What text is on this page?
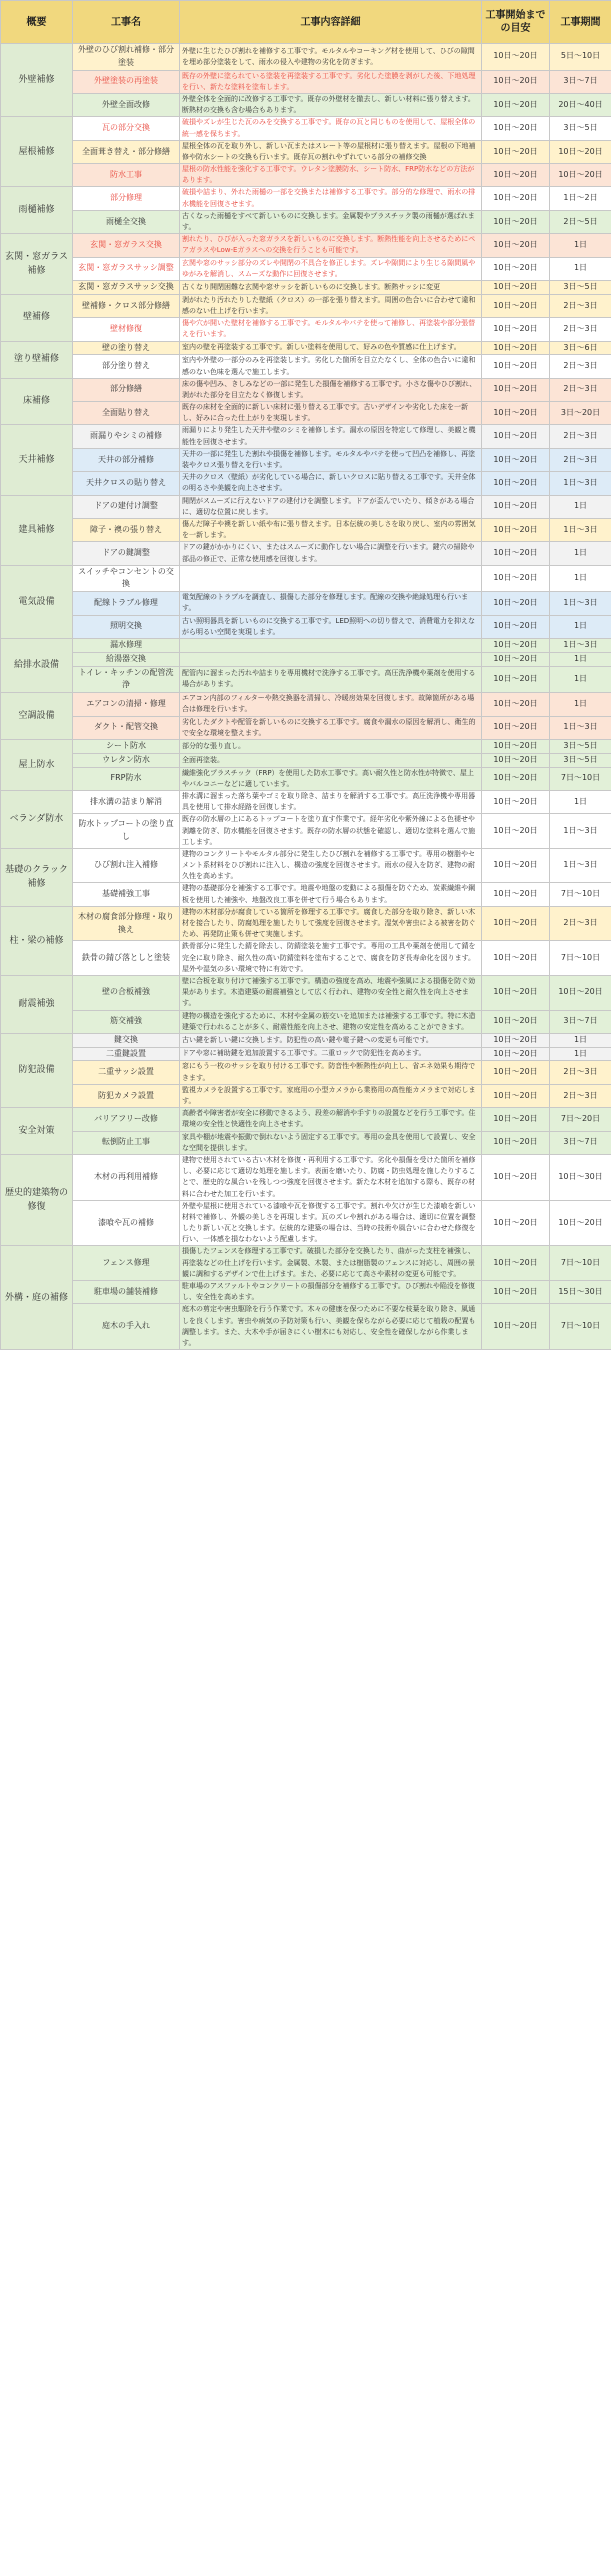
概要	工事名	工事内容詳細	工事開始までの目安	工事期間
外壁補修	外壁のひび割れ補修・部分塗装	外壁に生じたひび割れを補修する工事です。モルタルやコーキング材を使用して、ひびの隙間を埋め部分塗装をして、雨水の侵入や建物の劣化を防ぎます。	10日〜20日	5日〜10日
	外壁塗装の再塗装	既存の外壁に塗られている塗装を再塗装する工事です。劣化した塗膜を剥がした後、下地処理を行い、新たな塗料を塗布します。	10日〜20日	3日〜7日
	外壁全面改修	外壁全体を全面的に改修する工事です。既存の外壁材を撤去し、新しい材料に張り替えます。断熱材の交換も含む場合もあります。	10日〜20日	20日〜40日
屋根補修	瓦の部分交換	破損やズレが生じた瓦のみを交換する工事です。既存の瓦と同じものを使用して、屋根全体の統一感を保ちます。	10日〜20日	3日〜5日
	全面葺き替え・部分修繕	屋根全体の瓦を取り外し、新しい瓦またはスレート等の屋根材に張り替えます。屋根の下地補修や防水シートの交換も行います。既存瓦の割れやずれている部分の補修交換	10日〜20日	10日〜20日
	防水工事	屋根の防水性能を強化する工事です。ウレタン塗膜防水、シート防水、FRP防水などの方法があります。	10日〜20日	10日〜20日
雨樋補修	部分修理	破損や詰まり、外れた雨樋の一部を交換または補修する工事です。部分的な修理で、雨水の排水機能を回復させます。	10日〜20日	1日〜2日
	雨樋全交換	古くなった雨樋をすべて新しいものに交換します。金属製やプラスチック製の雨樋が選ばれます。	10日〜20日	2日〜5日
玄関・窓ガラス補修	玄関・窓ガラス交換	割れたり、ひびが入った窓ガラスを新しいものに交換します。断熱性能を向上させるためにペアガラスやLow-Eガラスへの交換を行うことも可能です。	10日〜20日	1日
	玄関・窓ガラスサッシ調整	玄関や窓のサッシ部分のズレや開閉の不具合を修正します。ズレや隙間により生じる隙間風やゆがみを解消し、スムーズな動作に回復させます。	10日〜20日	1日
	玄関・窓ガラスサッシ交換	古くなり開閉困難な玄関や窓サッシを新しいものに交換します。断熱サッシに変更	10日〜20日	3日〜5日
壁補修	壁補修・クロス部分修繕	剥がれたり汚れたりした壁紙（クロス）の一部を張り替えます。周囲の色合いに合わせて違和感のない仕上げを行います。	10日〜20日	2日〜3日
	壁材修復	傷や穴が開いた壁材を補修する工事です。モルタルやパテを使って補修し、再塗装や部分張替えを行います。	10日〜20日	2日〜3日
塗り壁補修	壁の塗り替え	室内の壁を再塗装する工事です。新しい塗料を使用して、好みの色や質感に仕上げます。	10日〜20日	3日〜6日
	部分塗り替え	室内や外壁の一部分のみを再塗装します。劣化した箇所を目立たなくし、全体の色合いに違和感のない色味を選んで施工します。	10日〜20日	2日〜3日
床補修	部分修繕	床の傷や凹み、きしみなどの一部に発生した損傷を補修する工事です。小さな傷やひび割れ、剥がれた部分を目立たなく修復します。	10日〜20日	2日〜3日
	全面貼り替え	既存の床材を全面的に新しい床材に張り替える工事です。古いデザインや劣化した床を一新し、好みに合った仕上がりを実現します。	10日〜20日	3日〜20日
天井補修	雨漏りやシミの補修	雨漏りにより発生した天井や壁のシミを補修します。漏水の原因を特定して修理し、美観と機能性を回復させます。	10日〜20日	2日〜3日
	天井の部分補修	天井の一部に発生した割れや損傷を補修します。モルタルやパテを使って凹凸を補修し、再塗装やクロス張り替えを行います。	10日〜20日	2日〜3日
	天井クロスの貼り替え	天井のクロス（壁紙）が劣化している場合に、新しいクロスに貼り替える工事です。天井全体の明るさや美観を向上させます。	10日〜20日	1日〜3日
建具補修	ドアの建付け調整	開閉がスムーズに行えないドアの建付けを調整します。ドアが歪んでいたり、傾きがある場合に、適切な位置に戻します。	10日〜20日	1日
	障子・襖の張り替え	傷んだ障子や襖を新しい紙や布に張り替えます。日本伝統の美しさを取り戻し、室内の雰囲気を一新します。	10日〜20日	1日〜3日
	ドアの鍵調整	ドアの鍵がかかりにくい、またはスムーズに動作しない場合に調整を行います。鍵穴の掃除や部品の修正で、正常な使用感を回復します。	10日〜20日	1日
電気設備	スイッチやコンセントの交換		10日〜20日	1日
	配線トラブル修理	電気配線のトラブルを調査し、損傷した部分を修理します。配線の交換や絶縁処理も行います。	10日〜20日	1日〜3日
	照明交換	古い照明器具を新しいものに交換する工事です。LED照明への切り替えで、消費電力を抑えながら明るい空間を実現します。	10日〜20日	1日
給排水設備	漏水修理		10日〜20日	1日〜3日
	給湯器交換		10日〜20日	1日
	トイレ・キッチンの配管洗浄	配管内に溜まった汚れや詰まりを専用機材で洗浄する工事です。高圧洗浄機や薬剤を使用する場合があります。	10日〜20日	1日
空調設備	エアコンの清掃・修理	エアコン内部のフィルターや熱交換器を清掃し、冷暖房効果を回復します。故障箇所がある場合は修理を行います。	10日〜20日	1日
	ダクト・配管交換	劣化したダクトや配管を新しいものに交換する工事です。腐食や漏水の原因を解消し、衛生的で安全な環境を整えます。	10日〜20日	1日〜3日
屋上防水	シート防水	部分的な張り直し。	10日〜20日	3日〜5日
	ウレタン防水	全面再塗装。	10日〜20日	3日〜5日
	FRP防水	繊維強化プラスチック（FRP）を使用した防水工事です。高い耐久性と防水性が特徴で、屋上やバルコニーなどに適しています。	10日〜20日	7日〜10日
ベランダ防水	排水溝の詰まり解消	排水溝に溜まった落ち葉やゴミを取り除き、詰まりを解消する工事です。高圧洗浄機や専用器具を使用して排水経路を回復します。	10日〜20日	1日
	防水トップコートの塗り直し	既存の防水層の上にあるトップコートを塗り直す作業です。経年劣化や紫外線による色褪せや剥離を防ぎ、防水機能を回復させます。既存の防水層の状態を確認し、適切な塗料を選んで施工します。	10日〜20日	1日〜3日
基礎のクラック補修	ひび割れ注入補修	建物のコンクリートやモルタル部分に発生したひび割れを補修する工事です。専用の樹脂やセメント系材料をひび割れに注入し、構造の強度を回復させます。雨水の侵入を防ぎ、建物の耐久性を高めます。	10日〜20日	1日〜3日
	基礎補強工事	建物の基礎部分を補強する工事です。地震や地盤の変動による損傷を防ぐため、炭素繊維や鋼板を使用した補強や、地盤改良工事を併せて行う場合もあります。	10日〜20日	7日〜10日
柱・梁の補修	木材の腐食部分修理・取り換え	建物の木材部分が腐食している箇所を修理する工事です。腐食した部分を取り除き、新しい木材を接合したり、防腐処理を施したりして強度を回復させます。湿気や害虫による被害を防ぐため、再発防止策も併せて実施します。	10日〜20日	2日〜3日
	鉄骨の錆び落としと塗装	鉄骨部分に発生した錆を除去し、防錆塗装を施す工事です。専用の工具や薬剤を使用して錆を完全に取り除き、耐久性の高い防錆塗料を塗布することで、腐食を防ぎ長寿命化を図ります。屋外や湿気の多い環境で特に有効です。	10日〜20日	7日〜10日
耐震補強	壁の合板補強	壁に合板を取り付けて補強する工事です。構造の強度を高め、地震や強風による損傷を防ぐ効果があります。木造建築の耐震補強として広く行われ、建物の安全性と耐久性を向上させます。	10日〜20日	10日〜20日
	筋交補強	建物の構造を強化するために、木材や金属の筋交いを追加または補強する工事です。特に木造建築で行われることが多く、耐震性能を向上させ、建物の安定性を高めることができます。	10日〜20日	3日〜7日
防犯設備	鍵交換	古い鍵を新しい鍵に交換します。防犯性の高い鍵や電子鍵への変更も可能です。	10日〜20日	1日
	二重鍵設置	ドアや窓に補助鍵を追加設置する工事です。二重ロックで防犯性を高めます。	10日〜20日	1日
	二重サッシ設置	窓にもう一枚のサッシを取り付ける工事です。防音性や断熱性が向上し、省エネ効果も期待できます。	10日〜20日	2日〜3日
	防犯カメラ設置	監視カメラを設置する工事です。家庭用の小型カメラから業務用の高性能カメラまで対応します。	10日〜20日	2日〜3日
安全対策	バリアフリー改修	高齢者や障害者が安全に移動できるよう、段差の解消や手すりの設置などを行う工事です。住環境の安全性と快適性を向上させます。	10日〜20日	7日〜20日
	転倒防止工事	家具や棚が地震や振動で倒れないよう固定する工事です。専用の金具を使用して設置し、安全な空間を提供します。	10日〜20日	3日〜7日
歴史的建築物の修復	木材の再利用補修	建物で使用されている古い木材を修復・再利用する工事です。劣化や損傷を受けた箇所を補修し、必要に応じて適切な処理を施します。表面を磨いたり、防腐・防虫処理を施したりすることで、歴史的な風合いを残しつつ強度を回復させます。新たな木材を追加する際も、既存の材料に合わせた加工を行います。	10日〜20日	10日〜30日
	漆喰や瓦の補修	外壁や屋根に使用されている漆喰や瓦を修復する工事です。割れや欠けが生じた漆喰を新しい材料で補修し、外観の美しさを再現します。瓦のズレや割れがある場合は、適切に位置を調整したり新しい瓦と交換します。伝統的な建築の場合は、当時の技術や風合いに合わせた修復を行い、一体感を損なわないよう配慮します。	10日〜20日	10日〜20日
外構・庭の補修	フェンス修理	損傷したフェンスを修理する工事です。破損した部分を交換したり、曲がった支柱を補強し、再塗装などの仕上げを行います。金属製、木製、または樹脂製のフェンスに対応し、周囲の景観に調和するデザインで仕上げます。また、必要に応じて高さや素材の変更も可能です。	10日〜20日	7日〜10日
	駐車場の舗装補修	駐車場のアスファルトやコンクリートの損傷部分を補修する工事です。ひび割れや陥没を修復し、安全性を高めます。	10日〜20日	15日〜30日
	庭木の手入れ	庭木の剪定や害虫駆除を行う作業です。木々の健康を保つために不要な枝葉を取り除き、風通しを良くします。害虫や病気の予防対策も行い、美観を保ちながら必要に応じて植栽の配置も調整します。また、大木や手が届きにくい樹木にも対応し、安全性を確保しながら作業します。	10日〜20日	7日〜10日
